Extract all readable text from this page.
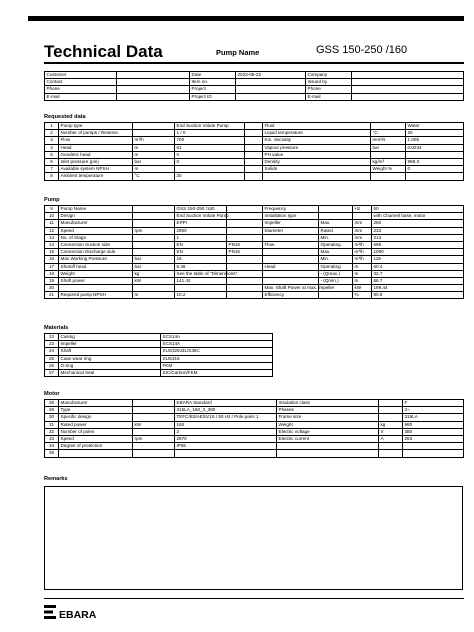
Technical Data	Pump Name	GSS 150-250 /160
Customer		Date	2023-09-22	Company	
Contact		Item no.		Issued by	
Phone		Project		Phone	
E-mail		Project ID		E-mail	
Requested data
1	Pump type		End Suction Volute Pump		Fluid		Water
2	Number of pumps / Reserve		1 / 0		Liquid temperature	°C	20
3	Flow	m³/h	700		Kin. viscosity	mm²/s	1.005
4	Head	m	61		Vapour pressure	bar	0.0234
5	Geodetic head	m	0		PH value		
6	Inlet pressure (pin)	bar	0		Density	kg/m³	998.3
7	Available system NPSH	m			Solids	Weight %	0
8	Ambient temperature	°C	20				
Pump
9	Pump Name		GSS 150-250 /160		Frequency		Hz	50
10	Design		End Suction Volute Pump		Installation type			with Channel base, motor
11	Manufacturer		EPPI		Impeller	Max.	mm	250
12	Speed	rpm	2900		Diameter	Rated	mm	233
13	No. of Stage		1			Min.	mm	213
14	Connection Suction side		EN	PN16	Flow	Operating	m³/h	696
15	Connection Discharge side		EN	PN16		Max.	m³/h	1090
16	Max Working Pressure	bar	16			Min.	m³/h	119
17	Shutoff head	bar	6.36		Head	Operating	m	60.4
18	Weight	kg	See the table of "Dimensions".			- (Qmax.)	m	32.7
19	Shaft power	kW	141.42			- (Qmin.)	m	66.7
20					Max. Shaft Power at max. impeller		kW	199.44
21	Required pump NPSH	m	10.2		Efficiency		%	80.8
Materials
22	Casing	SCS14A
23	Impeller	SCS14A
24	Shaft	SUS329J3L/S35C
25	Case wear ring	SUS316
26	O-ring	FKM
27	Mechanical Seal	SIC/Carbon/FKM
Motor
28	Manufacturer		EBARA Standard	Insulation class		F
29	Type		315LA_160_3_380	Phases		3~
30	Specific design		TEFC/B3/AESV1S / 50 Hz / Pole pairs 1	Frame size		315LA
31	Rated power	kW	160	Weight	kg	980
32	Number of poles		2	Electric voltage	V	380
33	Speed	rpm	2970	Electric current	A	283
34	Degree of protection		IP55			
35						
Remarks
EBARA
